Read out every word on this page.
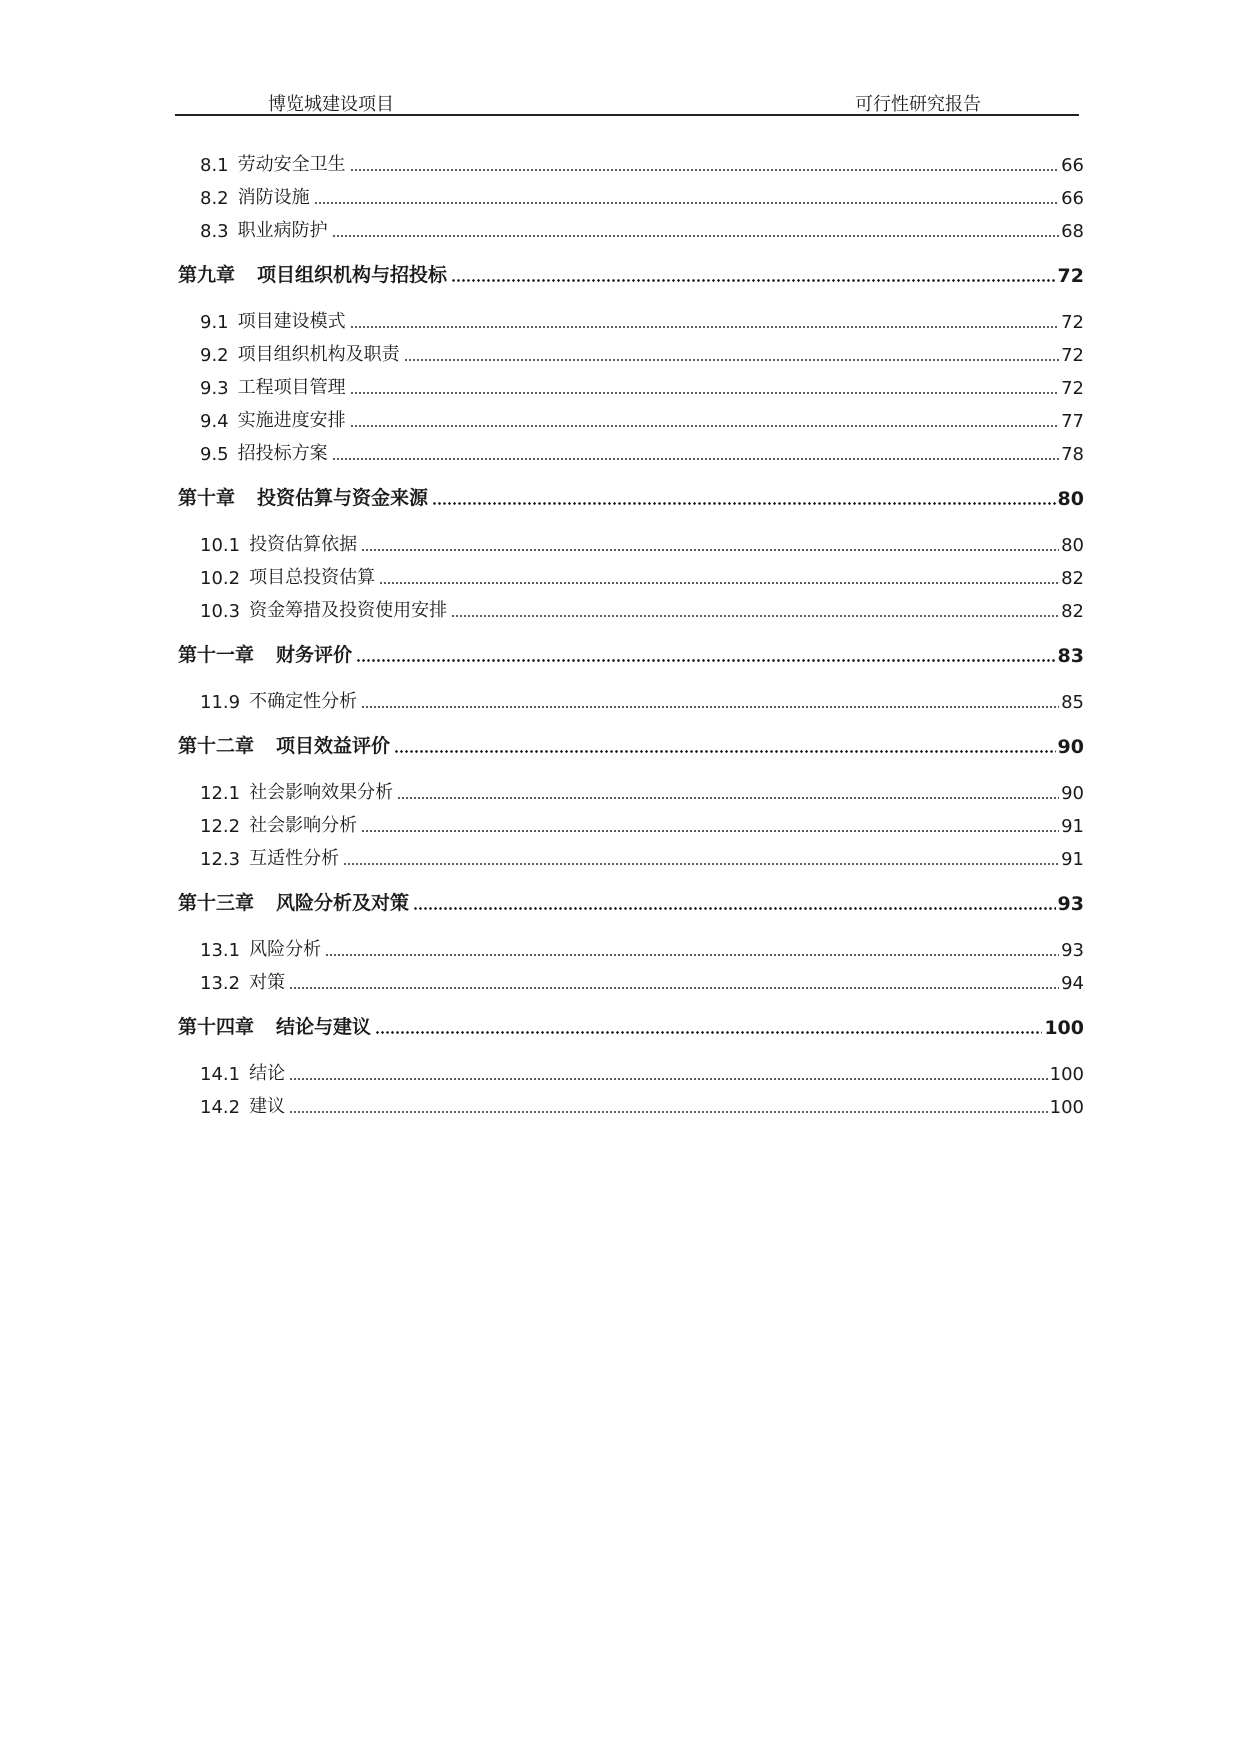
博览城建设项目	可行性研究报告
8.1 劳动安全卫生	66
8.2 消防设施	66
8.3 职业病防护	68
第九章 项目组织机构与招投标	72
9.1 项目建设模式	72
9.2 项目组织机构及职责	72
9.3 工程项目管理	72
9.4 实施进度安排	77
9.5 招投标方案	78
第十章 投资估算与资金来源	80
10.1 投资估算依据	80
10.2 项目总投资估算	82
10.3 资金筹措及投资使用安排	82
第十一章 财务评价	83
11.9 不确定性分析	85
第十二章 项目效益评价	90
12.1 社会影响效果分析	90
12.2 社会影响分析	91
12.3 互适性分析	91
第十三章 风险分析及对策	93
13.1 风险分析	93
13.2 对策	94
第十四章 结论与建议	100
14.1 结论	100
14.2 建议	100
